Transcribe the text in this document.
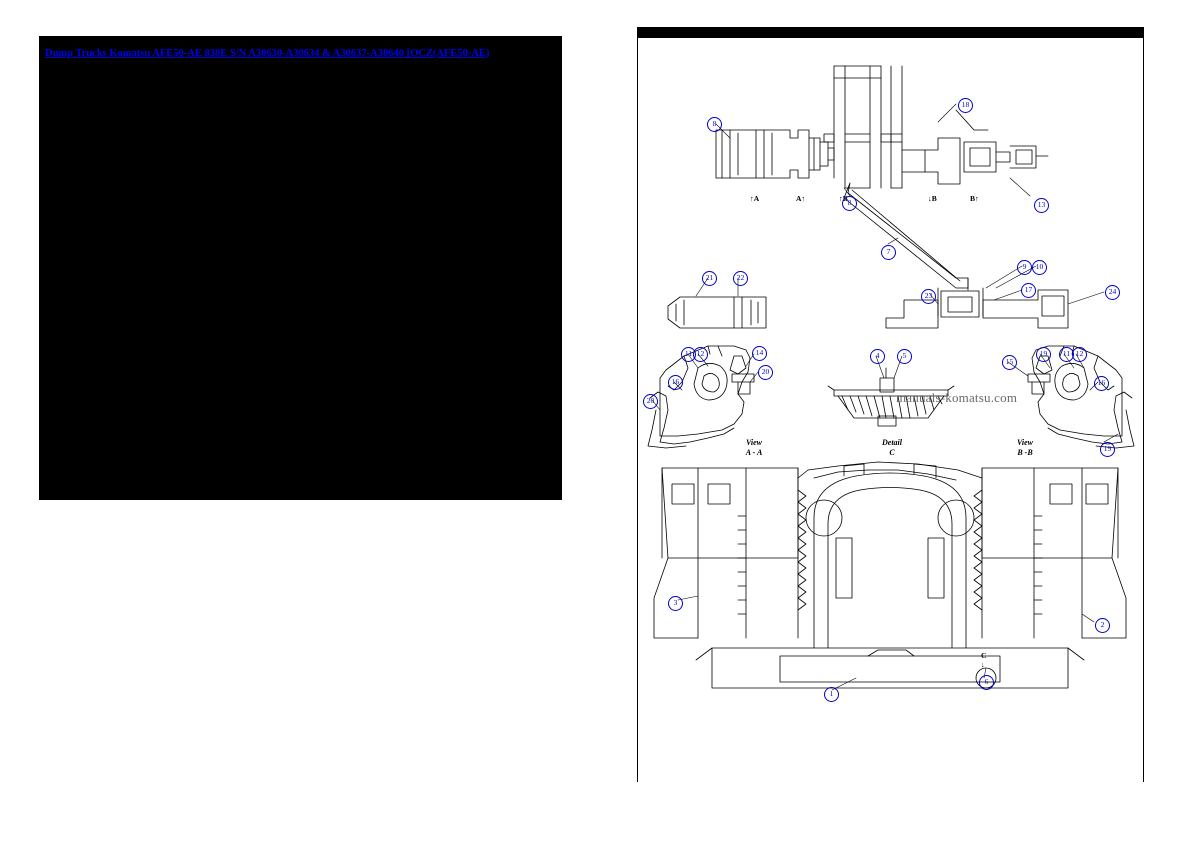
Dump Trucks Komatsu AFE50-AE 830E S/N A30630-A30634 & A30637-A30640 [OCZ(AFE50-AE)
manuals-komatsu.com
↑A	A↑	↑B	↓B	B↑
C
↓
View
A - A
Detail
C
View
B -B
8
18
8	13
7
9	10
17
23	24
21	22
11 12	14
20
16
20
4	5
15
19	11 12
16
19
3
2
1
6
